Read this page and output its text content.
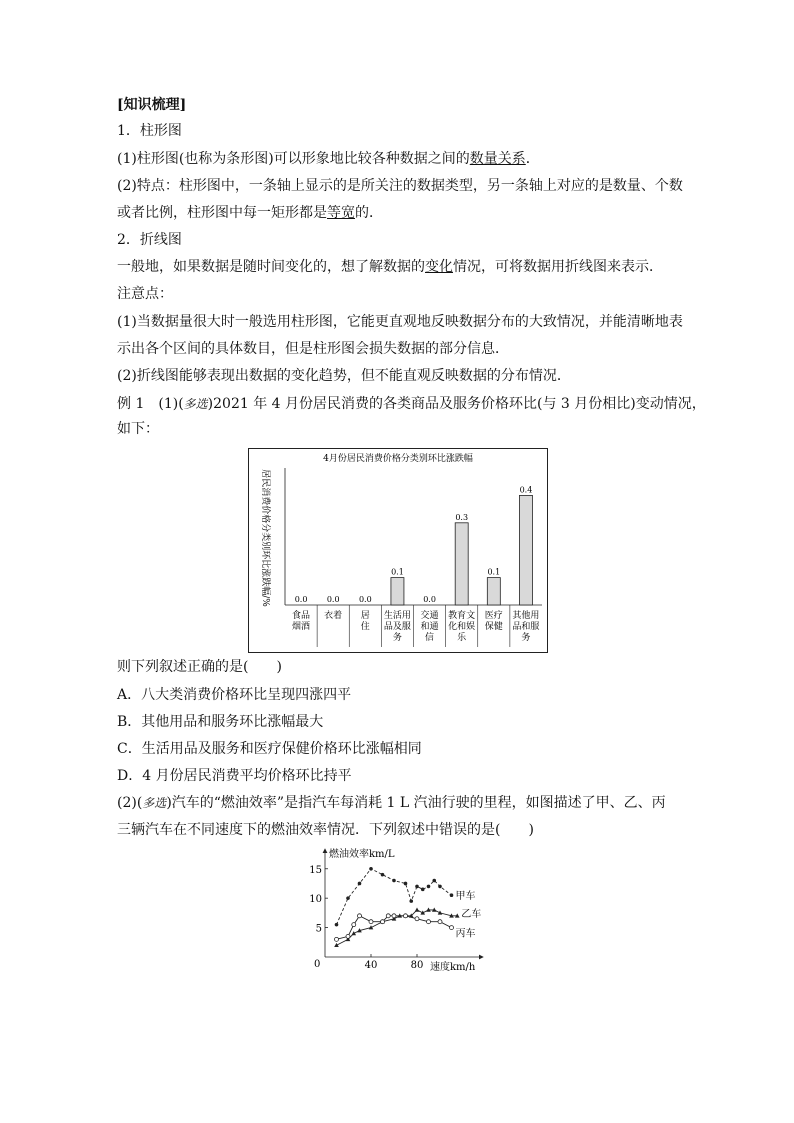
[知识梳理]
1．柱形图
(1)柱形图(也称为条形图)可以形象地比较各种数据之间的数量关系．
(2)特点：柱形图中，一条轴上显示的是所关注的数据类型，另一条轴上对应的是数量、个数
或者比例，柱形图中每一矩形都是等宽的．
2．折线图
一般地，如果数据是随时间变化的，想了解数据的变化情况，可将数据用折线图来表示．
注意点：
(1)当数据量很大时一般选用柱形图，它能更直观地反映数据分布的大致情况，并能清晰地表
示出各个区间的具体数目，但是柱形图会损失数据的部分信息．
(2)折线图能够表现出数据的变化趋势，但不能直观反映数据的分布情况．
例 1　(1)(多选)2021 年 4 月份居民消费的各类商品及服务价格环比(与 3 月份相比)变动情况，
如下：
4月份居民消费价格分类别环比涨跌幅
居民消费价格分类别环比涨跌幅/%	0.0
食品
烟酒
0.0
衣着
0.0
居
住
0.1
生活用
品及服
务
0.0
交通
和通
信
0.3
教育文
化和娱
乐
0.1
医疗
保健
0.4
其他用
品和服
务
则下列叙述正确的是(　　)
A．八大类消费价格环比呈现四涨四平
B．其他用品和服务环比涨幅最大
C．生活用品及服务和医疗保健价格环比涨幅相同
D．4 月份居民消费平均价格环比持平
(2)(多选)汽车的“燃油效率”是指汽车每消耗 1 L 汽油行驶的里程，如图描述了甲、乙、丙
三辆汽车在不同速度下的燃油效率情况．下列叙述中错误的是(　　)
燃油效率km/L
速度km/h
0	40	80
5
10
15
甲车
乙车
丙车
